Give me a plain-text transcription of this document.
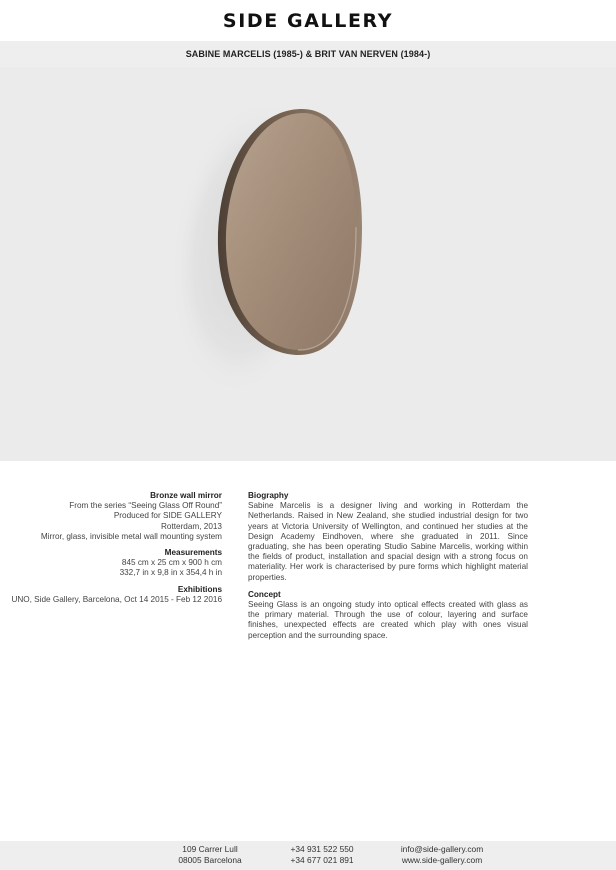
SIDE GALLERY
SABINE MARCELIS (1985-) & BRIT VAN NERVEN (1984-)
Bronze wall mirror
From the series “Seeing Glass Off Round”
Produced for SIDE GALLERY
Rotterdam, 2013
Mirror, glass, invisible metal wall mounting system
Measurements
845 cm x 25 cm x 900 h cm
332,7 in x 9,8 in x 354,4 h in
Exhibitions
UNO, Side Gallery, Barcelona, Oct 14 2015 - Feb 12 2016
Biography
Sabine Marcelis is a designer living and working in Rotterdam the Netherlands. Raised in New Zealand, she studied industrial design for two years at Victoria University of Wellington, and continued her studies at the Design Academy Eindhoven, where she graduated in 2011. Since graduating, she has been operating Studio Sabine Marcelis, working within the fields of product, installation and spacial design with a strong focus on materiality. Her work is characterised by pure forms which highlight material properties.
Concept
Seeing Glass is an ongoing study into optical effects created with glass as the primary material. Through the use of colour, layering and surface finishes, unexpected effects are created which play with ones visual perception and the surrounding space.
109 Carrer Lull
08005 Barcelona
+34 931 522 550
+34 677 021 891
info@side-gallery.com
www.side-gallery.com
